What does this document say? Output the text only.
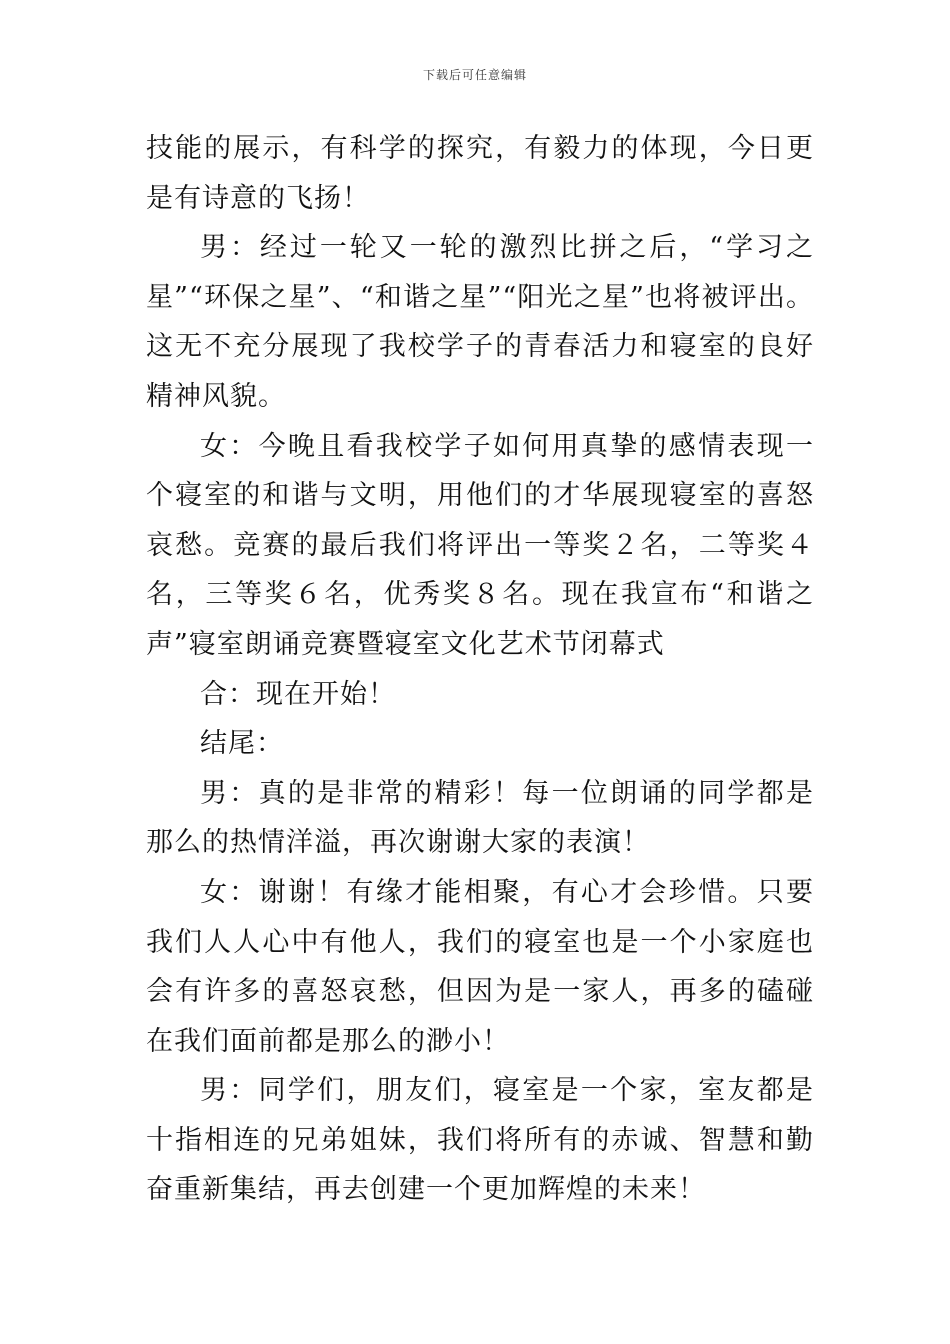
下载后可任意编辑

技能的展示，有科学的探究，有毅力的体现，今日更是有诗意的飞扬！

男：经过一轮又一轮的激烈比拼之后，“学习之星”“环保之星”、“和谐之星”“阳光之星”也将被评出。这无不充分展现了我校学子的青春活力和寝室的良好精神风貌。

女：今晚且看我校学子如何用真挚的感情表现一个寝室的和谐与文明，用他们的才华展现寝室的喜怒哀愁。竞赛的最后我们将评出一等奖２名，二等奖４名，三等奖６名，优秀奖８名。现在我宣布“和谐之声”寝室朗诵竞赛暨寝室文化艺术节闭幕式

合：现在开始！

结尾：

男：真的是非常的精彩！每一位朗诵的同学都是那么的热情洋溢，再次谢谢大家的表演！

女：谢谢！有缘才能相聚，有心才会珍惜。只要我们人人心中有他人，我们的寝室也是一个小家庭也会有许多的喜怒哀愁，但因为是一家人，再多的磕碰在我们面前都是那么的渺小！

男：同学们，朋友们，寝室是一个家，室友都是十指相连的兄弟姐妹，我们将所有的赤诚、智慧和勤奋重新集结，再去创建一个更加辉煌的未来！
